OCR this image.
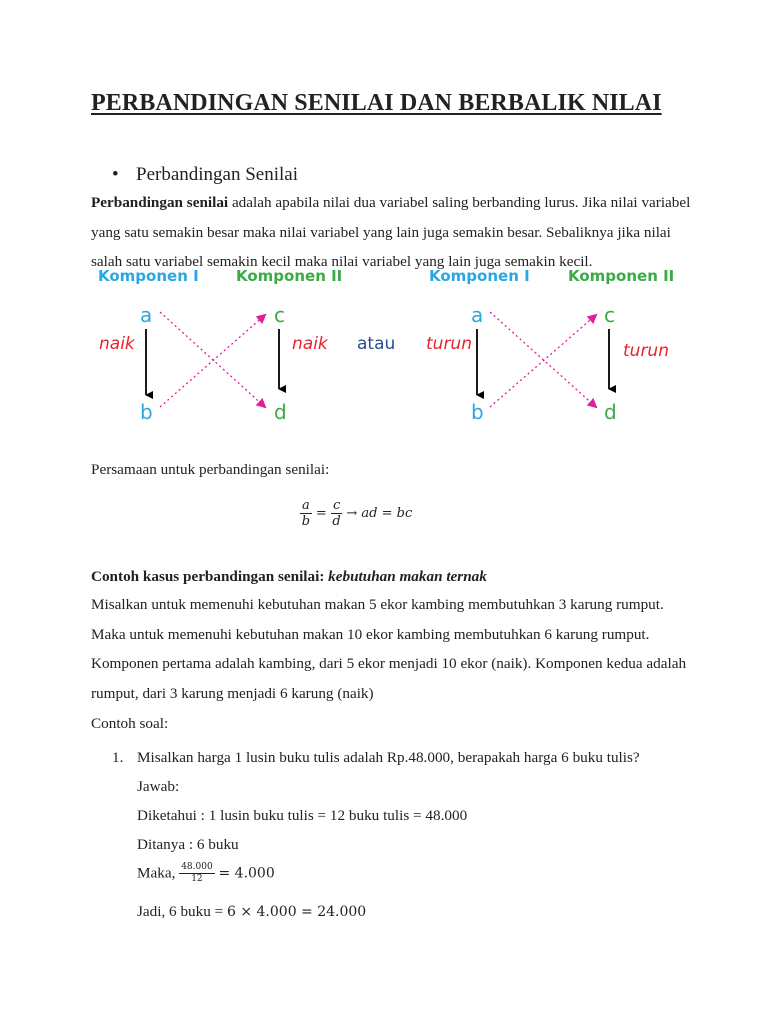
PERBANDINGAN SENILAI DAN BERBALIK NILAI
• Perbandingan Senilai
Perbandingan senilai adalah apabila nilai dua variabel saling berbanding lurus. Jika nilai variabel yang satu semakin besar maka nilai variabel yang lain juga semakin besar. Sebaliknya jika nilai salah satu variabel semakin kecil maka nilai variabel yang lain juga semakin kecil.
Komponen I Komponen II
a
b
c
d
naik	naik atau
Komponen I	Komponen II
a
b
c
d
turun	turun
Persamaan untuk perbandingan senilai:
$\frac{a}{b} = \frac{c}{d}$ → ad = bc
Contoh kasus perbandingan senilai: kebutuhan makan ternak
Misalkan untuk memenuhi kebutuhan makan 5 ekor kambing membutuhkan 3 karung rumput. Maka untuk memenuhi kebutuhan makan 10 ekor kambing membutuhkan 6 karung rumput. Komponen pertama adalah kambing, dari 5 ekor menjadi 10 ekor (naik). Komponen kedua adalah rumput, dari 3 karung menjadi 6 karung (naik)
Contoh soal:
1. Misalkan harga 1 lusin buku tulis adalah Rp.48.000, berapakah harga 6 buku tulis?
Jawab:
Diketahui : 1 lusin buku tulis = 12 buku tulis = 48.000
Ditanya : 6 buku
Maka, $\frac{48.000}{12} = 4.000$
Jadi, 6 buku = 6 × 4.000 = 24.000
